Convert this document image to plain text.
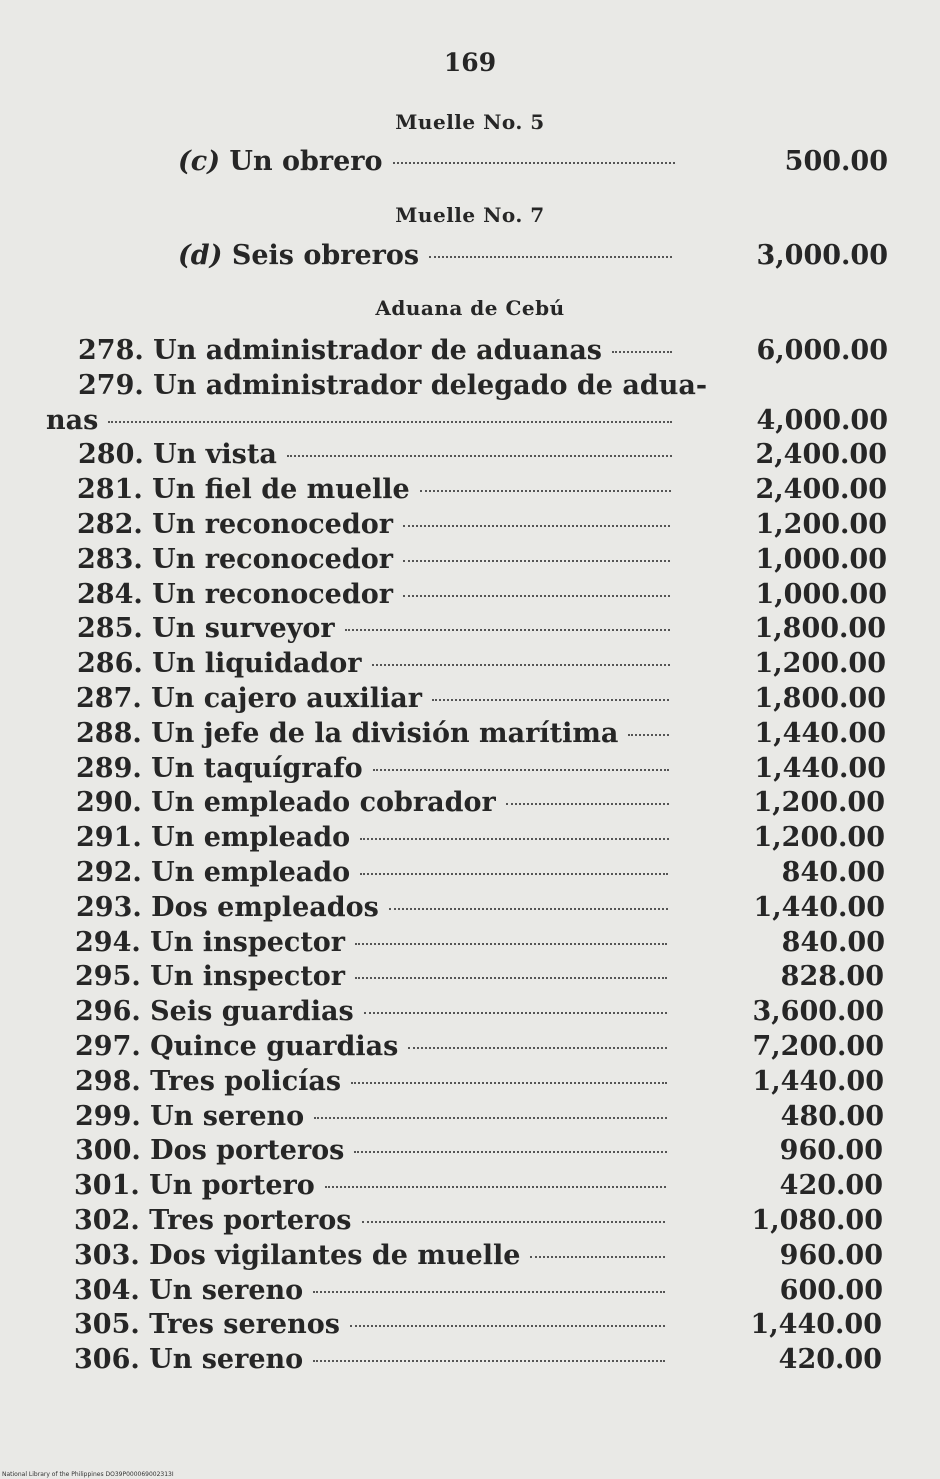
169
Muelle No. 5
(c) Un obrero	500.00
Muelle No. 7
(d) Seis obreros	3,000.00
Aduana de Cebú
278. Un administrador de aduanas	6,000.00
279. Un administrador delegado de adua-
nas	4,000.00
280. Un vista	2,400.00
281. Un fiel de muelle	2,400.00
282. Un reconocedor	1,200.00
283. Un reconocedor	1,000.00
284. Un reconocedor	1,000.00
285. Un surveyor	1,800.00
286. Un liquidador	1,200.00
287. Un cajero auxiliar	1,800.00
288. Un jefe de la división marítima	1,440.00
289. Un taquígrafo	1,440.00
290. Un empleado cobrador	1,200.00
291. Un empleado	1,200.00
292. Un empleado	840.00
293. Dos empleados	1,440.00
294. Un inspector	840.00
295. Un inspector	828.00
296. Seis guardias	3,600.00
297. Quince guardias	7,200.00
298. Tres policías	1,440.00
299. Un sereno	480.00
300. Dos porteros	960.00
301. Un portero	420.00
302. Tres porteros	1,080.00
303. Dos vigilantes de muelle	960.00
304. Un sereno	600.00
305. Tres serenos	1,440.00
306. Un sereno	420.00
National Library of the Philippines DO39P000069002313I
